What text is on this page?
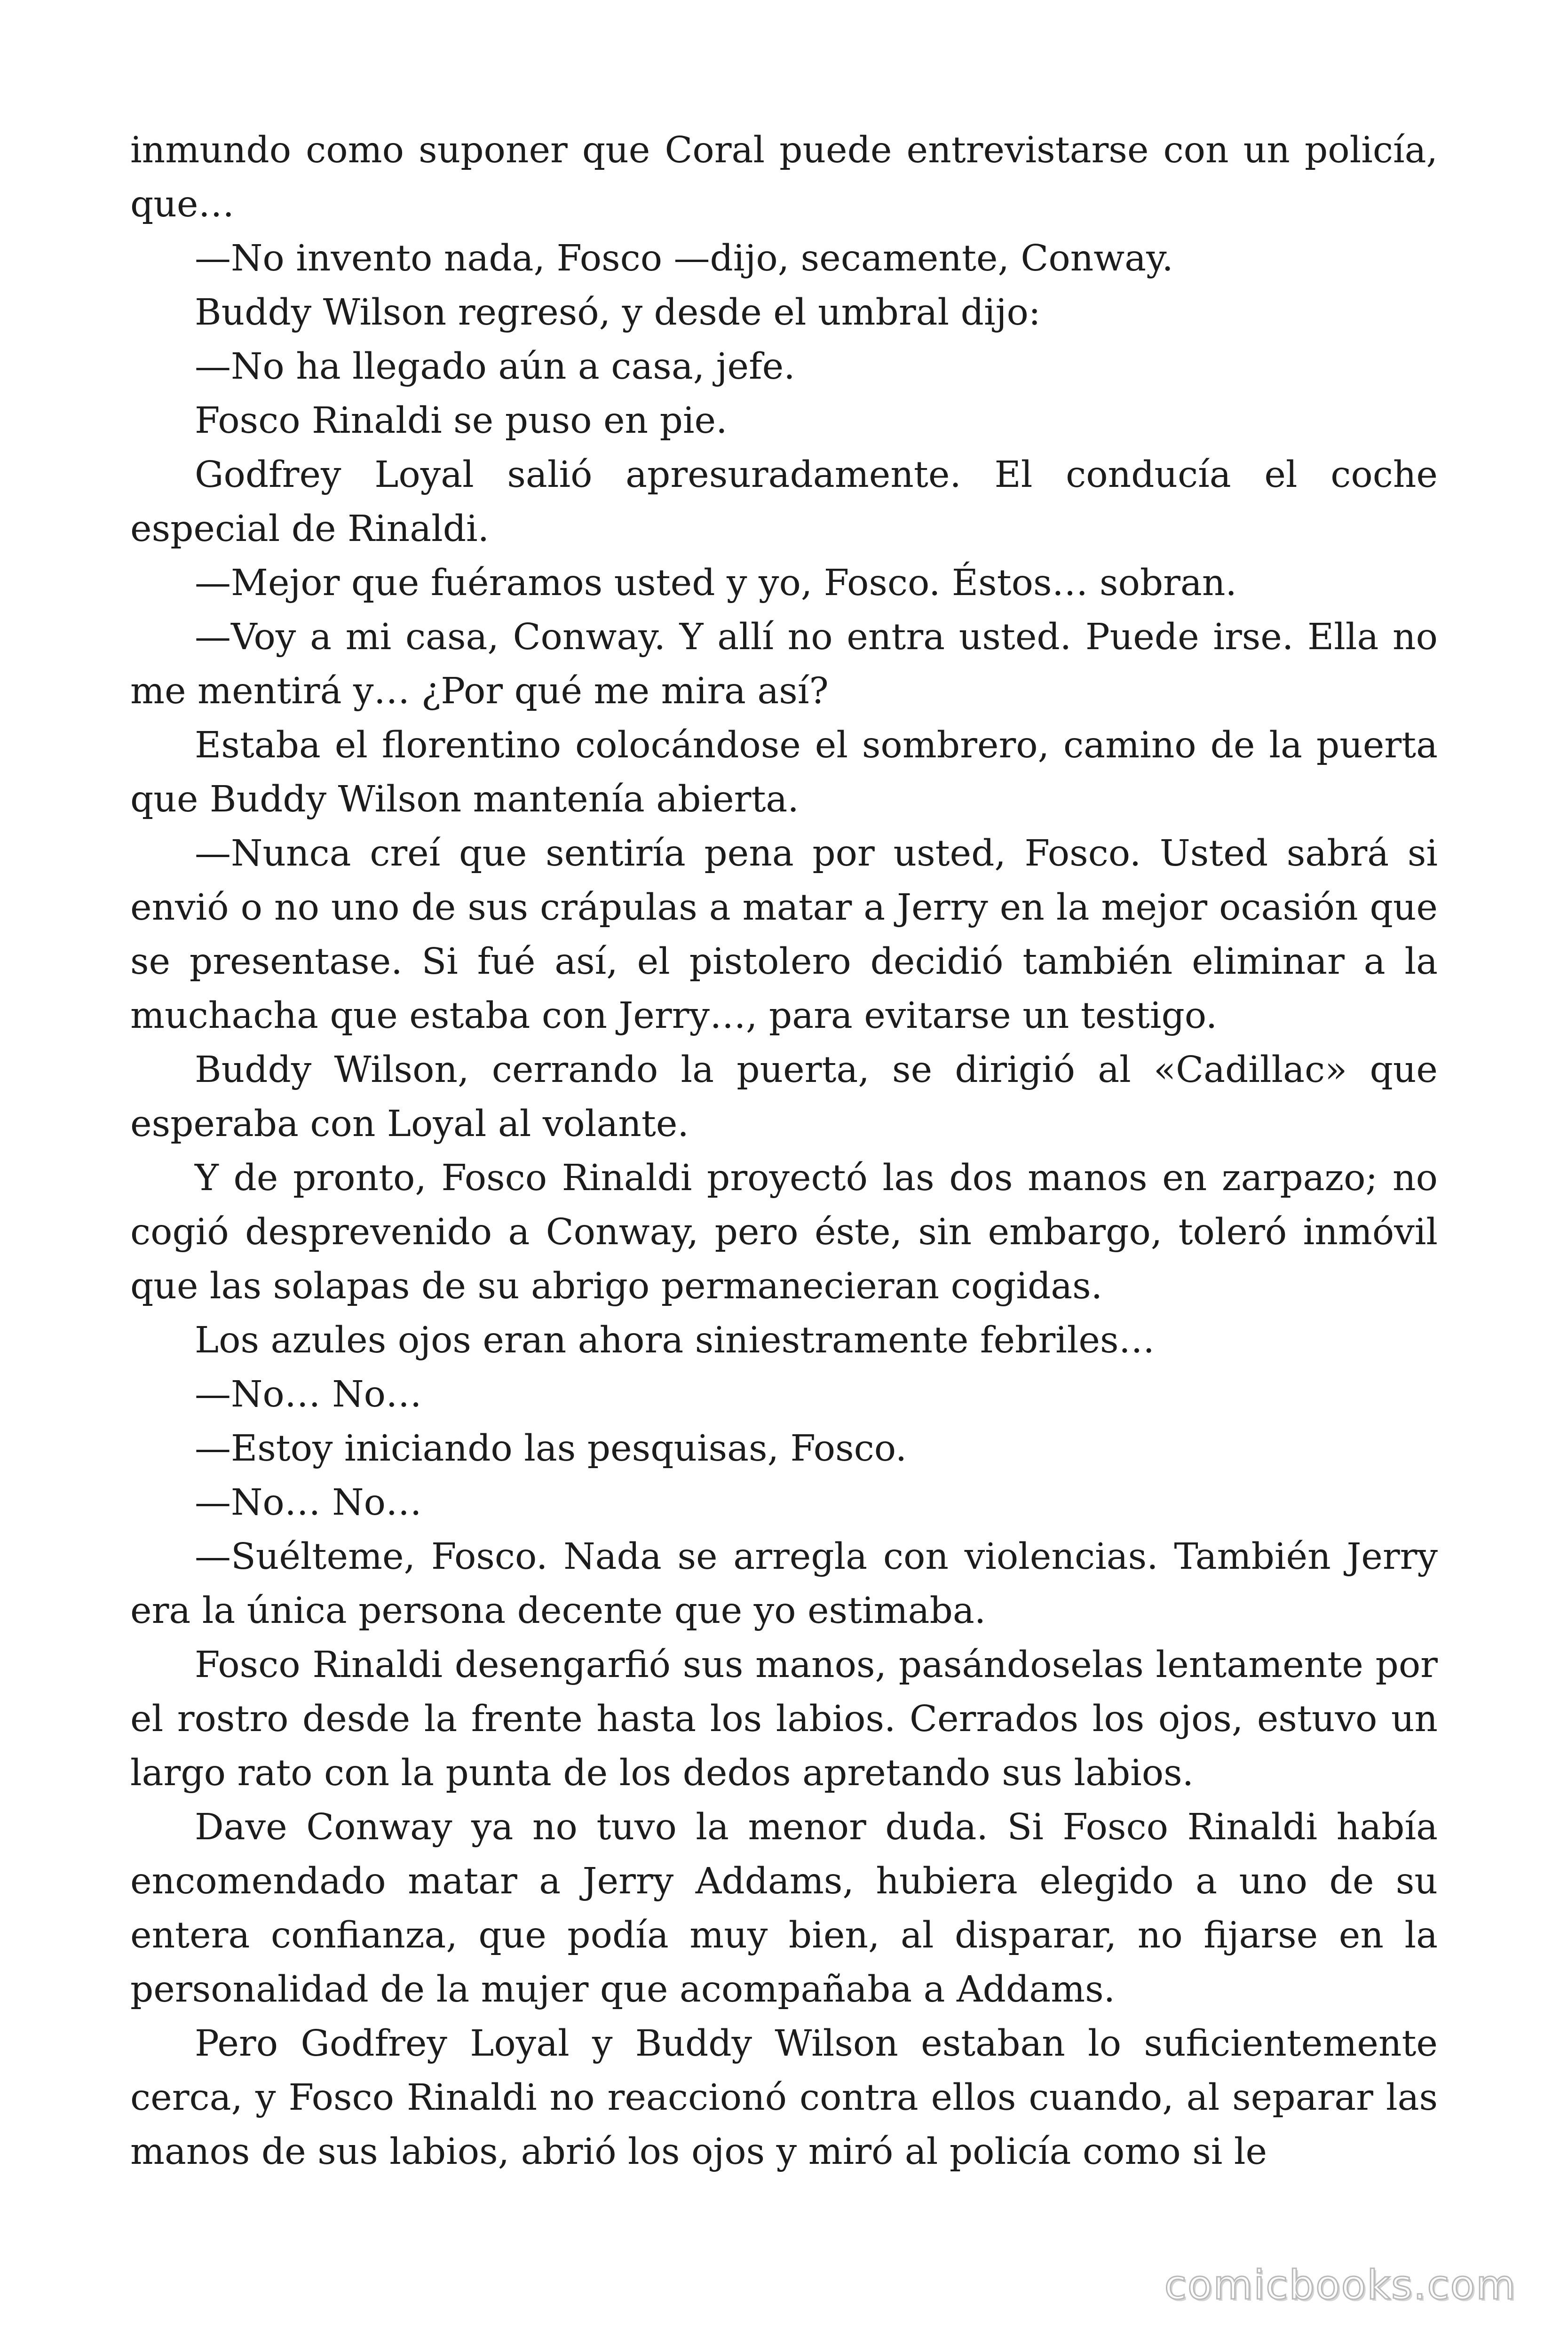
inmundo como suponer que Coral puede entrevistarse con un policía, que…

—No invento nada, Fosco —dijo, secamente, Conway.

Buddy Wilson regresó, y desde el umbral dijo:

—No ha llegado aún a casa, jefe.

Fosco Rinaldi se puso en pie.

Godfrey Loyal salió apresuradamente. El conducía el coche especial de Rinaldi.

—Mejor que fuéramos usted y yo, Fosco. Éstos… sobran.

—Voy a mi casa, Conway. Y allí no entra usted. Puede irse. Ella no me mentirá y… ¿Por qué me mira así?

Estaba el florentino colocándose el sombrero, camino de la puerta que Buddy Wilson mantenía abierta.

—Nunca creí que sentiría pena por usted, Fosco. Usted sabrá si envió o no uno de sus crápulas a matar a Jerry en la mejor ocasión que se presentase. Si fué así, el pistolero decidió también eliminar a la muchacha que estaba con Jerry…, para evitarse un testigo.

Buddy Wilson, cerrando la puerta, se dirigió al «Cadillac» que esperaba con Loyal al volante.

Y de pronto, Fosco Rinaldi proyectó las dos manos en zarpazo; no cogió desprevenido a Conway, pero éste, sin embargo, toleró inmóvil que las solapas de su abrigo permanecieran cogidas.

Los azules ojos eran ahora siniestramente febriles…

—No… No…

—Estoy iniciando las pesquisas, Fosco.

—No… No…

—Suélteme, Fosco. Nada se arregla con violencias. También Jerry era la única persona decente que yo estimaba.

Fosco Rinaldi desengarfió sus manos, pasándoselas lentamente por el rostro desde la frente hasta los labios. Cerrados los ojos, estuvo un largo rato con la punta de los dedos apretando sus labios.

Dave Conway ya no tuvo la menor duda. Si Fosco Rinaldi había encomendado matar a Jerry Addams, hubiera elegido a uno de su entera confianza, que podía muy bien, al disparar, no fijarse en la personalidad de la mujer que acompañaba a Addams.

Pero Godfrey Loyal y Buddy Wilson estaban lo suficientemente cerca, y Fosco Rinaldi no reaccionó contra ellos cuando, al separar las manos de sus labios, abrió los ojos y miró al policía como si le

comicbooks.com
